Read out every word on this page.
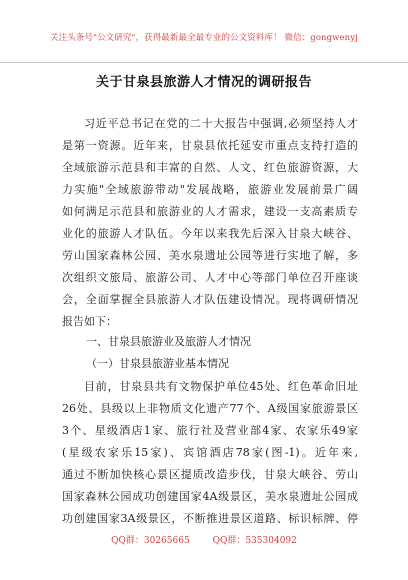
关注头条号"公文研究"，获得最新最全最专业的公文资料库！ 微信：gongwenyj
关于甘泉县旅游人才情况的调研报告
习近平总书记在党的二十大报告中强调,必须坚持人才
是第一资源。近年来，甘泉县依托延安市重点支持打造的
全域旅游示范县和丰富的自然、人文、红色旅游资源，大
力实施"全域旅游带动"发展战略，旅游业发展前景广阔
如何满足示范县和旅游业的人才需求，建设一支高素质专
业化的旅游人才队伍。今年以来我先后深入甘泉大峡谷、
劳山国家森林公园、美水泉遗址公园等进行实地了解，多
次组织文旅局、旅游公司、人才中心等部门单位召开座谈
会，全面掌握全县旅游人才队伍建设情况。现将调研情况
报告如下：
一、甘泉县旅游业及旅游人才情况
（一）甘泉县旅游业基本情况
目前，甘泉县共有文物保护单位45处、红色革命旧址
26处、县级以上非物质文化遗产77个、A级国家旅游景区
3个、星级酒店1家、旅行社及营业部4家、农家乐49家
(星级农家乐15家)、宾馆酒店78家(图-1)。近年来,
通过不断加快核心景区提质改造步伐，甘泉大峡谷、劳山
国家森林公园成功创建国家4A级景区，美水泉遗址公园成
功创建国家3A级景区，不断推进景区道路、标识标牌、停
QQ群：30265665	QQ群：535304092
